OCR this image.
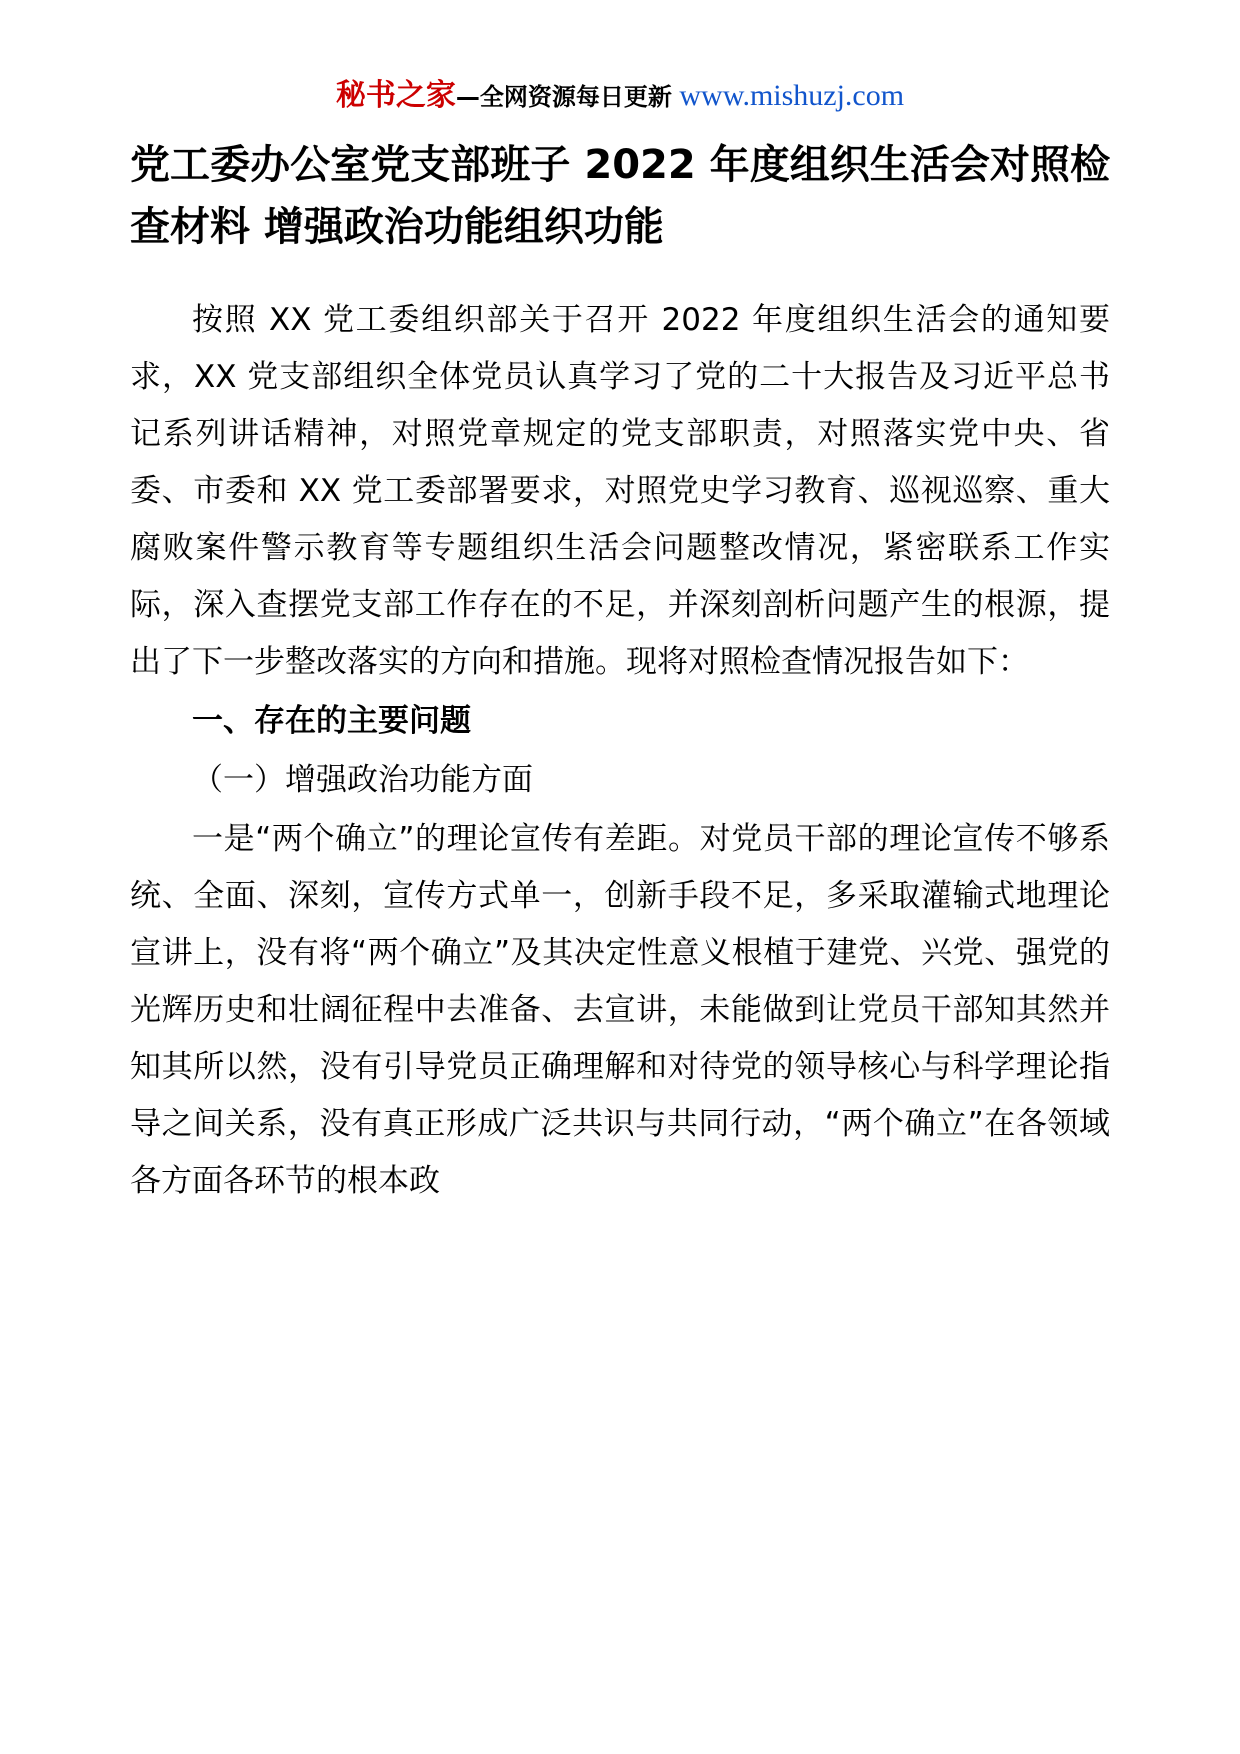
秘书之家—全网资源每日更新 www.mishuzj.com
党工委办公室党支部班子 2022 年度组织生活会对照检查材料 增强政治功能组织功能

按照 XX 党工委组织部关于召开 2022 年度组织生活会的通知要求，XX 党支部组织全体党员认真学习了党的二十大报告及习近平总书记系列讲话精神，对照党章规定的党支部职责，对照落实党中央、省委、市委和 XX 党工委部署要求，对照党史学习教育、巡视巡察、重大腐败案件警示教育等专题组织生活会问题整改情况，紧密联系工作实际，深入查摆党支部工作存在的不足，并深刻剖析问题产生的根源，提出了下一步整改落实的方向和措施。现将对照检查情况报告如下：

一、存在的主要问题

（一）增强政治功能方面

一是“两个确立”的理论宣传有差距。对党员干部的理论宣传不够系统、全面、深刻，宣传方式单一，创新手段不足，多采取灌输式地理论宣讲上，没有将“两个确立”及其决定性意义根植于建党、兴党、强党的光辉历史和壮阔征程中去准备、去宣讲，未能做到让党员干部知其然并知其所以然，没有引导党员正确理解和对待党的领导核心与科学理论指导之间关系，没有真正形成广泛共识与共同行动，“两个确立”在各领域各方面各环节的根本政
